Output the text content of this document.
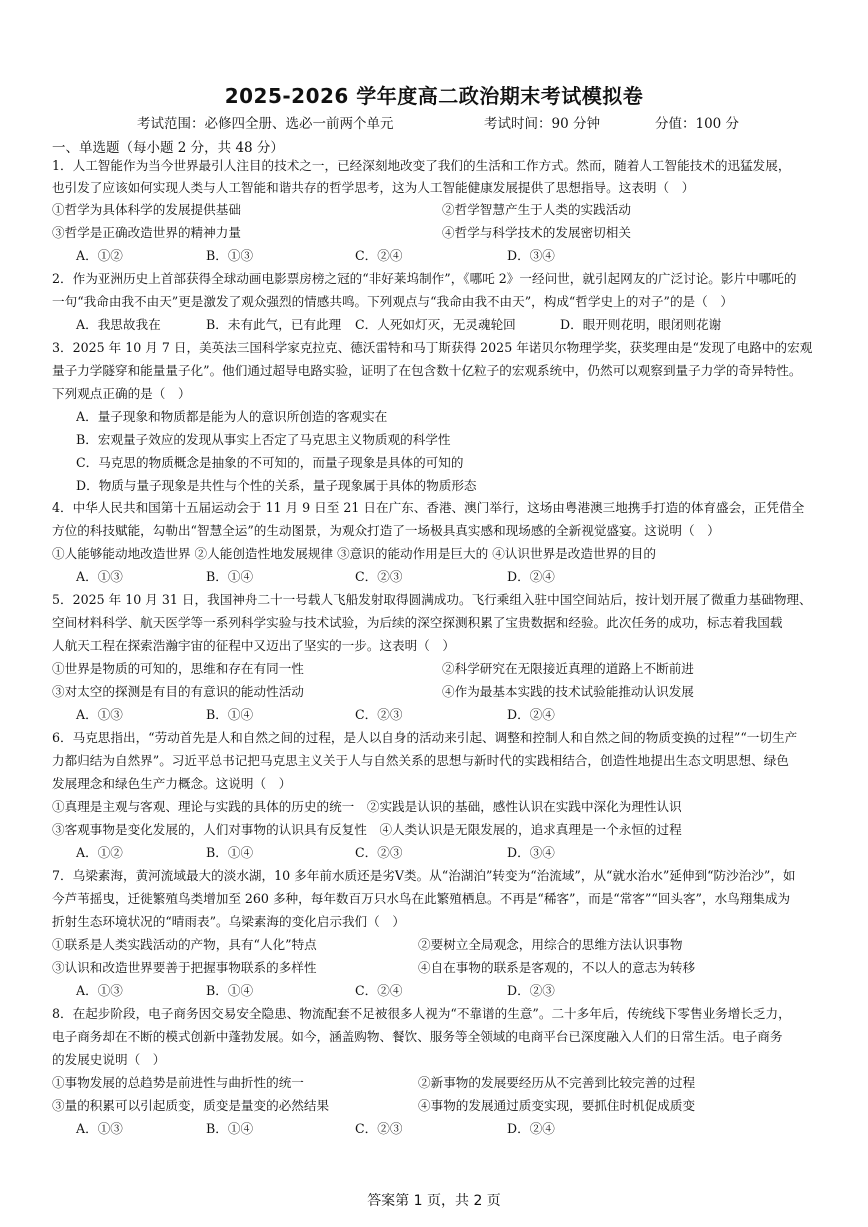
2025-2026 学年度高二政治期末考试模拟卷
考试范围：必修四全册、选必一前两个单元	考试时间：90 分钟	分值：100 分
一、单选题（每小题 2 分，共 48 分）
1．人工智能作为当今世界最引人注目的技术之一，已经深刻地改变了我们的生活和工作方式。然而，随着人工智能技术的迅猛发展，
也引发了应该如何实现人类与人工智能和谐共存的哲学思考，这为人工智能健康发展提供了思想指导。这表明（　）
①哲学为具体科学的发展提供基础	②哲学智慧产生于人类的实践活动
③哲学是正确改造世界的精神力量	④哲学与科学技术的发展密切相关
A．①②	B．①③	C．②④	D．③④
2．作为亚洲历史上首部获得全球动画电影票房榜之冠的“非好莱坞制作”，《哪吒 2》一经问世，就引起网友的广泛讨论。影片中哪吒的
一句“我命由我不由天”更是激发了观众强烈的情感共鸣。下列观点与“我命由我不由天”，构成“哲学史上的对子”的是（　）
A．我思故我在	B．未有此气，已有此理 C．人死如灯灭，无灵魂轮回	D．眼开则花明，眼闭则花谢
3．2025 年 10 月 7 日，美英法三国科学家克拉克、德沃雷特和马丁斯获得 2025 年诺贝尔物理学奖，获奖理由是“发现了电路中的宏观
量子力学隧穿和能量量子化”。他们通过超导电路实验，证明了在包含数十亿粒子的宏观系统中，仍然可以观察到量子力学的奇异特性。
下列观点正确的是（　）
A．量子现象和物质都是能为人的意识所创造的客观实在
B．宏观量子效应的发现从事实上否定了马克思主义物质观的科学性
C．马克思的物质概念是抽象的不可知的，而量子现象是具体的可知的
D．物质与量子现象是共性与个性的关系，量子现象属于具体的物质形态
4．中华人民共和国第十五届运动会于 11 月 9 日至 21 日在广东、香港、澳门举行，这场由粤港澳三地携手打造的体育盛会，正凭借全
方位的科技赋能，勾勒出“智慧全运”的生动图景，为观众打造了一场极具真实感和现场感的全新视觉盛宴。这说明（　）
①人能够能动地改造世界 ②人能创造性地发展规律 ③意识的能动作用是巨大的 ④认识世界是改造世界的目的
A．①③	B．①④	C．②③	D．②④
5．2025 年 10 月 31 日，我国神舟二十一号载人飞船发射取得圆满成功。飞行乘组入驻中国空间站后，按计划开展了微重力基础物理、
空间材料科学、航天医学等一系列科学实验与技术试验，为后续的深空探测积累了宝贵数据和经验。此次任务的成功，标志着我国载
人航天工程在探索浩瀚宇宙的征程中又迈出了坚实的一步。这表明（　）
①世界是物质的可知的，思维和存在有同一性	②科学研究在无限接近真理的道路上不断前进
③对太空的探测是有目的有意识的能动性活动	④作为最基本实践的技术试验能推动认识发展
A．①③	B．①④	C．②③	D．②④
6．马克思指出，“劳动首先是人和自然之间的过程，是人以自身的活动来引起、调整和控制人和自然之间的物质变换的过程”“一切生产
力都归结为自然界”。习近平总书记把马克思主义关于人与自然关系的思想与新时代的实践相结合，创造性地提出生态文明思想、绿色
发展理念和绿色生产力概念。这说明（　）
①真理是主观与客观、理论与实践的具体的历史的统一　②实践是认识的基础，感性认识在实践中深化为理性认识
③客观事物是变化发展的，人们对事物的认识具有反复性　④人类认识是无限发展的，追求真理是一个永恒的过程
A．①②	B．①④	C．②③	D．③④
7．乌梁素海，黄河流域最大的淡水湖，10 多年前水质还是劣Ⅴ类。从“治湖泊”转变为“治流域”，从“就水治水”延伸到“防沙治沙”，如
今芦苇摇曳，迁徙繁殖鸟类增加至 260 多种，每年数百万只水鸟在此繁殖栖息。不再是“稀客”，而是“常客”“回头客”，水鸟翔集成为
折射生态环境状况的“晴雨表”。乌梁素海的变化启示我们（　）
①联系是人类实践活动的产物，具有“人化”特点	②要树立全局观念，用综合的思维方法认识事物
③认识和改造世界要善于把握事物联系的多样性	④自在事物的联系是客观的，不以人的意志为转移
A．①③	B．①④	C．②④	D．②③
8．在起步阶段，电子商务因交易安全隐患、物流配套不足被很多人视为“不靠谱的生意”。二十多年后，传统线下零售业务增长乏力，
电子商务却在不断的模式创新中蓬勃发展。如今，涵盖购物、餐饮、服务等全领域的电商平台已深度融入人们的日常生活。电子商务
的发展史说明（　）
①事物发展的总趋势是前进性与曲折性的统一	②新事物的发展要经历从不完善到比较完善的过程
③量的积累可以引起质变，质变是量变的必然结果	④事物的发展通过质变实现，要抓住时机促成质变
A．①③	B．①④	C．②③	D．②④
答案第 1 页，共 2 页
